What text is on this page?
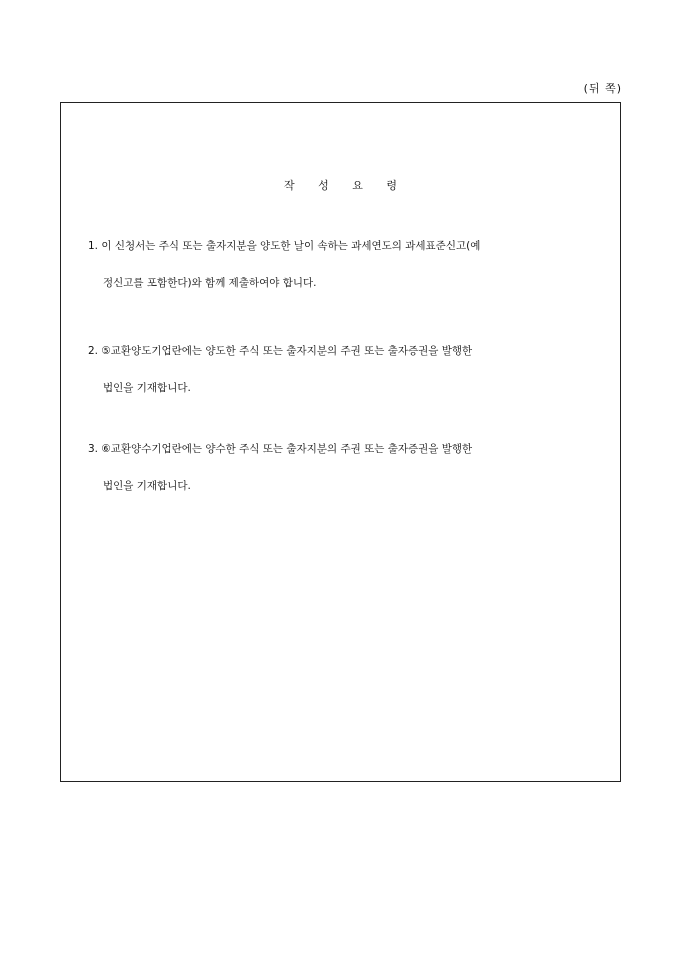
(뒤 쪽)
작 성 요 령
1. 이 신청서는 주식 또는 출자지분을 양도한 날이 속하는 과세연도의 과세표준신고(예
정신고를 포함한다)와 함께 제출하여야 합니다.
2. ⑤교환양도기업란에는 양도한 주식 또는 출자지분의 주권 또는 출자증권을 발행한
법인을 기재합니다.
3. ⑥교환양수기업란에는 양수한 주식 또는 출자지분의 주권 또는 출자증권을 발행한
법인을 기재합니다.
